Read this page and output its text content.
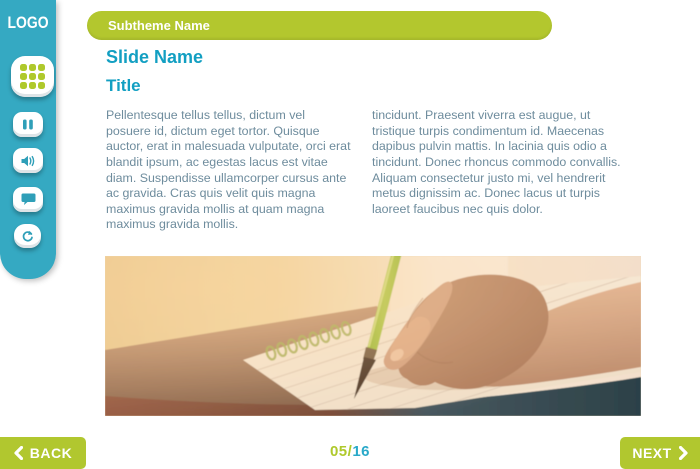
LOGO	Subtheme Name
Slide Name
Title
Pellentesque tellus tellus, dictum vel posuere id, dictum eget tortor. Quisque auctor, erat in malesuada vulputate, orci erat blandit ipsum, ac egestas lacus est vitae diam. Suspendisse ullamcorper cursus ante ac gravida. Cras quis velit quis magna maximus gravida mollis at quam magna maximus gravida mollis.
tincidunt. Praesent viverra est augue, ut tristique turpis condimentum id. Maecenas dapibus pulvin mattis. In lacinia quis odio a tincidunt. Donec rhoncus commodo convallis. Aliquam consectetur justo mi, vel hendrerit metus dignissim ac. Donec lacus ut turpis laoreet faucibus nec quis dolor.
BACK	05/16	NEXT
